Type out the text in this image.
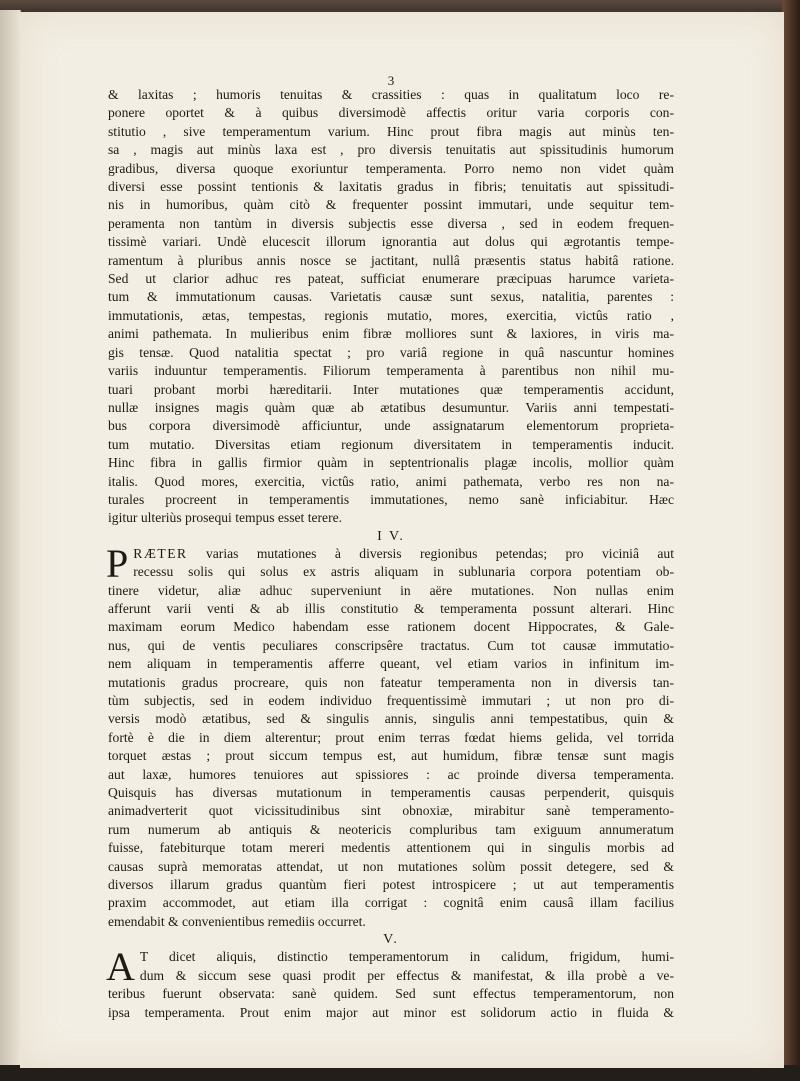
3
& laxitas ; humoris tenuitas & crassities : quas in qualitatum loco re-
ponere oportet & à quibus diversimodè affectis oritur varia corporis con-
stitutio , sive temperamentum varium. Hinc prout fibra magis aut minùs ten-
sa , magis aut minùs laxa est , pro diversis tenuitatis aut spissitudinis humorum
gradibus, diversa quoque exoriuntur temperamenta. Porro nemo non videt quàm
diversi esse possint tentionis & laxitatis gradus in fibris; tenuitatis aut spissitudi-
nis in humoribus, quàm citò & frequenter possint immutari, unde sequitur tem-
peramenta non tantùm in diversis subjectis esse diversa , sed in eodem frequen-
tissimè variari. Undè elucescit illorum ignorantia aut dolus qui ægrotantis tempe-
ramentum à pluribus annis nosce se jactitant, nullâ præsentis status habitâ ratione.
Sed ut clarior adhuc res pateat, sufficiat enumerare præcipuas harumce varieta-
tum & immutationum causas. Varietatis causæ sunt sexus, natalitia, parentes :
immutationis, ætas, tempestas, regionis mutatio, mores, exercitia, victûs ratio ,
animi pathemata. In mulieribus enim fibræ molliores sunt & laxiores, in viris ma-
gis tensæ. Quod natalitia spectat ; pro variâ regione in quâ nascuntur homines
variis induuntur temperamentis. Filiorum temperamenta à parentibus non nihil mu-
tuari probant morbi hæreditarii. Inter mutationes quæ temperamentis accidunt,
nullæ insignes magis quàm quæ ab ætatibus desumuntur. Variis anni tempestati-
bus corpora diversimodè afficiuntur, unde assignatarum elementorum proprieta-
tum mutatio. Diversitas etiam regionum diversitatem in temperamentis inducit.
Hinc fibra in gallis firmior quàm in septentrionalis plagæ incolis, mollior quàm
italis. Quod mores, exercitia, victûs ratio, animi pathemata, verbo res non na-
turales procreent in temperamentis immutationes, nemo sanè inficiabitur. Hæc
igitur ulteriùs prosequi tempus esset terere.
I V.
P RÆTER varias mutationes à diversis regionibus petendas; pro viciniâ aut
recessu solis qui solus ex astris aliquam in sublunaria corpora potentiam ob-
tinere videtur, aliæ adhuc superveniunt in aëre mutationes. Non nullas enim
afferunt varii venti & ab illis constitutio & temperamenta possunt alterari. Hinc
maximam eorum Medico habendam esse rationem docent Hippocrates, & Gale-
nus, qui de ventis peculiares conscripsêre tractatus. Cum tot causæ immutatio-
nem aliquam in temperamentis afferre queant, vel etiam varios in infinitum im-
mutationis gradus procreare, quis non fateatur temperamenta non in diversis tan-
tùm subjectis, sed in eodem individuo frequentissimè immutari ; ut non pro di-
versis modò ætatibus, sed & singulis annis, singulis anni tempestatibus, quin &
fortè è die in diem alterentur; prout enim terras fœdat hiems gelida, vel torrida
torquet æstas ; prout siccum tempus est, aut humidum, fibræ tensæ sunt magis
aut laxæ, humores tenuiores aut spissiores : ac proinde diversa temperamenta.
Quisquis has diversas mutationum in temperamentis causas perpenderit, quisquis
animadverterit quot vicissitudinibus sint obnoxiæ, mirabitur sanè temperamento-
rum numerum ab antiquis & neotericis compluribus tam exiguum annumeratum
fuisse, fatebiturque totam mereri medentis attentionem qui in singulis morbis ad
causas suprà memoratas attendat, ut non mutationes solùm possit detegere, sed &
diversos illarum gradus quantùm fieri potest introspicere ; ut aut temperamentis
praxim accommodet, aut etiam illa corrigat : cognitâ enim causâ illam facilius
emendabit & convenientibus remediis occurret.
V.
A T dicet aliquis, distinctio temperamentorum in calidum, frigidum, humi-
dum & siccum sese quasi prodit per effectus & manifestat, & illa probè a ve-
teribus fuerunt observata: sanè quidem. Sed sunt effectus temperamentorum, non
ipsa temperamenta. Prout enim major aut minor est solidorum actio in fluida &
